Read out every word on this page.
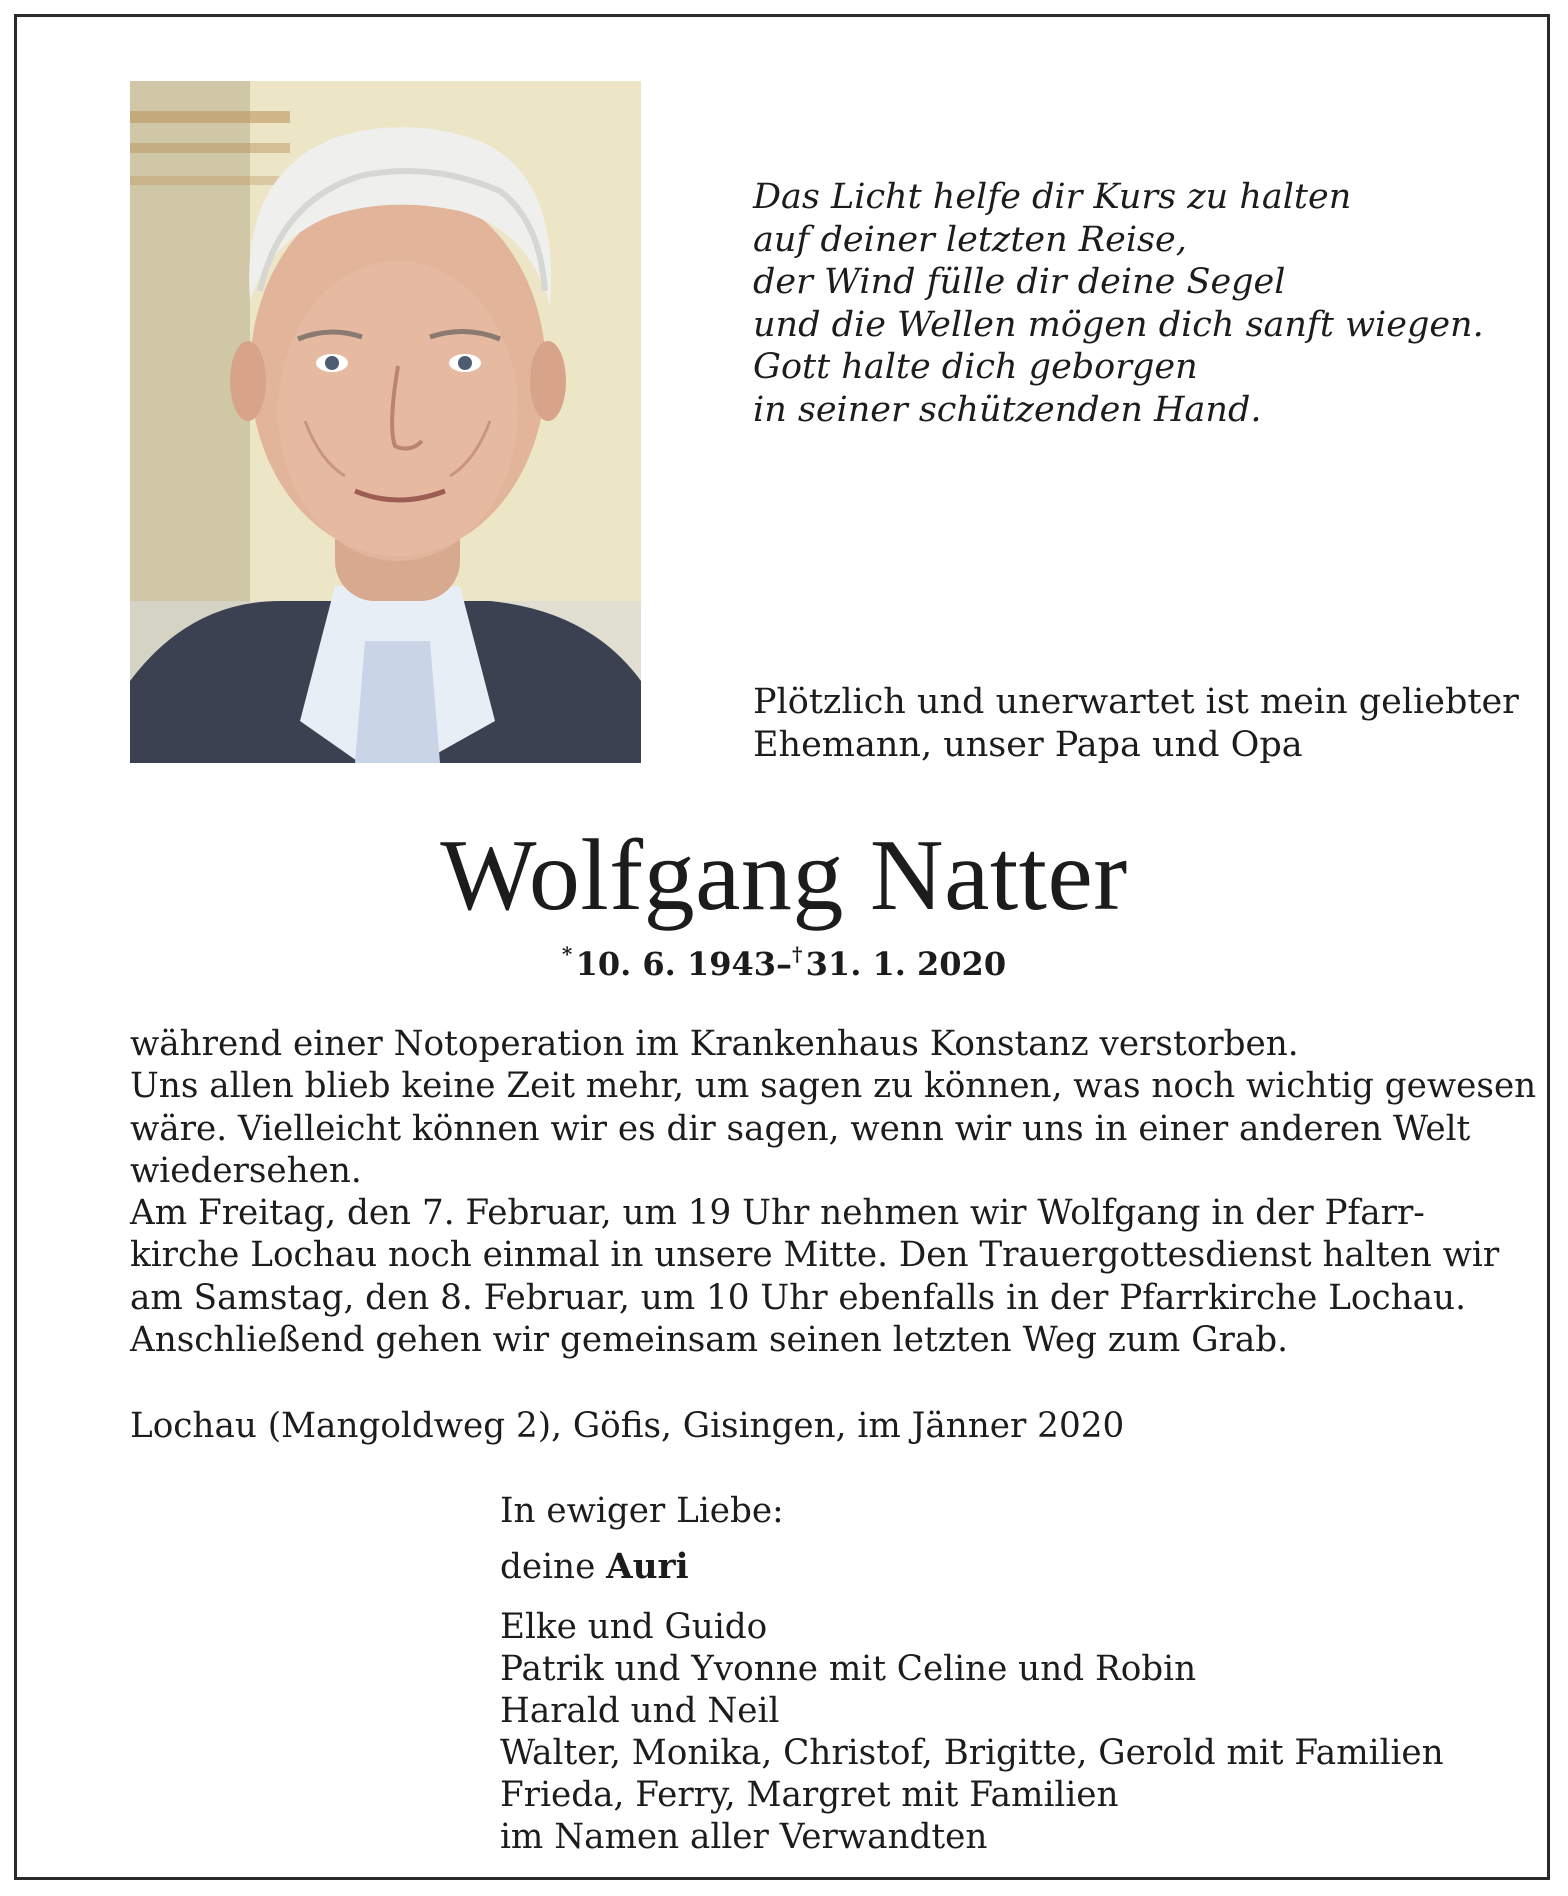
Das Licht helfe dir Kurs zu halten
auf deiner letzten Reise,
der Wind fülle dir deine Segel
und die Wellen mögen dich sanft wiegen.
Gott halte dich geborgen
in seiner schützenden Hand.
Plötzlich und unerwartet ist mein geliebter
Ehemann, unser Papa und Opa
Wolfgang Natter
* 10. 6. 1943–† 31. 1. 2020
während einer Notoperation im Krankenhaus Konstanz verstorben.
Uns allen blieb keine Zeit mehr, um sagen zu können, was noch wichtig gewesen
wäre. Vielleicht können wir es dir sagen, wenn wir uns in einer anderen Welt
wiedersehen.
Am Freitag, den 7. Februar, um 19 Uhr nehmen wir Wolfgang in der Pfarr-
kirche Lochau noch einmal in unsere Mitte. Den Trauergottesdienst halten wir
am Samstag, den 8. Februar, um 10 Uhr ebenfalls in der Pfarrkirche Lochau.
Anschließend gehen wir gemeinsam seinen letzten Weg zum Grab.
Lochau (Mangoldweg 2), Göfis, Gisingen, im Jänner 2020
In ewiger Liebe:
deine Auri
Elke und Guido
Patrik und Yvonne mit Celine und Robin
Harald und Neil
Walter, Monika, Christof, Brigitte, Gerold mit Familien
Frieda, Ferry, Margret mit Familien
im Namen aller Verwandten
